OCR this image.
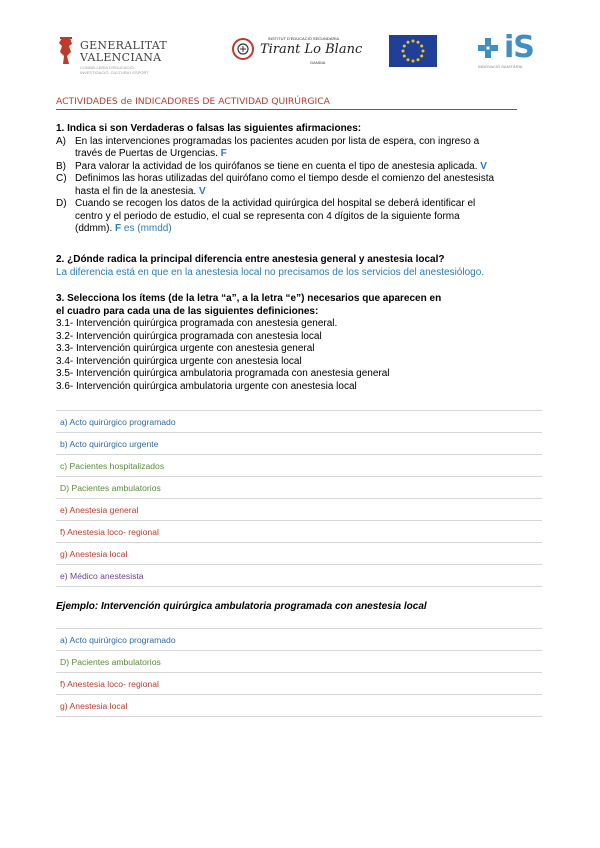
GENERALITAT
VALENCIANA
CONSELLERIA D'EDUCACIÓ, INVESTIGACIÓ, CULTURA I ESPORT
INSTITUT D'EDUCACIÓ SECUNDÀRIA
Tirant Lo Blanc
GANDIA	iS
INNOVACIÓ SANITÀRIA
ACTIVIDADES de INDICADORES DE ACTIVIDAD QUIRÚRGICA
1. Indica si son Verdaderas o falsas las siguientes afirmaciones:
A) En las intervenciones programadas los pacientes acuden por lista de espera, con ingreso a
través de Puertas de Urgencias. F
B) Para valorar la actividad de los quirófanos se tiene en cuenta el tipo de anestesia aplicada. V
C) Definimos las horas utilizadas del quirófano como el tiempo desde el comienzo del anestesista
hasta el fin de la anestesia. V
D) Cuando se recogen los datos de la actividad quirúrgica del hospital se deberá identificar el
centro y el periodo de estudio, el cual se representa con 4 dígitos de la siguiente forma
(ddmm). F es (mmdd)
2. ¿Dónde radica la principal diferencia entre anestesia general y anestesia local?
La diferencia está en que en la anestesia local no precisamos de los servicios del anestesiólogo.
3. Selecciona los ítems (de la letra “a”, a la letra “e”) necesarios que aparecen en
el cuadro para cada una de las siguientes definiciones:
3.1- Intervención quirúrgica programada con anestesia general.
3.2- Intervención quirúrgica programada con anestesia local
3.3- Intervención quirúrgica urgente con anestesia general
3.4- Intervención quirúrgica urgente con anestesia local
3.5- Intervención quirúrgica ambulatoria programada con anestesia general
3.6- Intervención quirúrgica ambulatoria urgente con anestesia local
a) Acto quirúrgico programado
b) Acto quirúrgico urgente
c) Pacientes hospitalizados
D) Pacientes ambulatorios
e) Anestesia general
f) Anestesia loco- regional
g) Anestesia local
e) Médico anestesista
Ejemplo: Intervención quirúrgica ambulatoria programada con anestesia local
a) Acto quirúrgico programado
D) Pacientes ambulatorios
f) Anestesia loco- regional
g) Anestesia local
